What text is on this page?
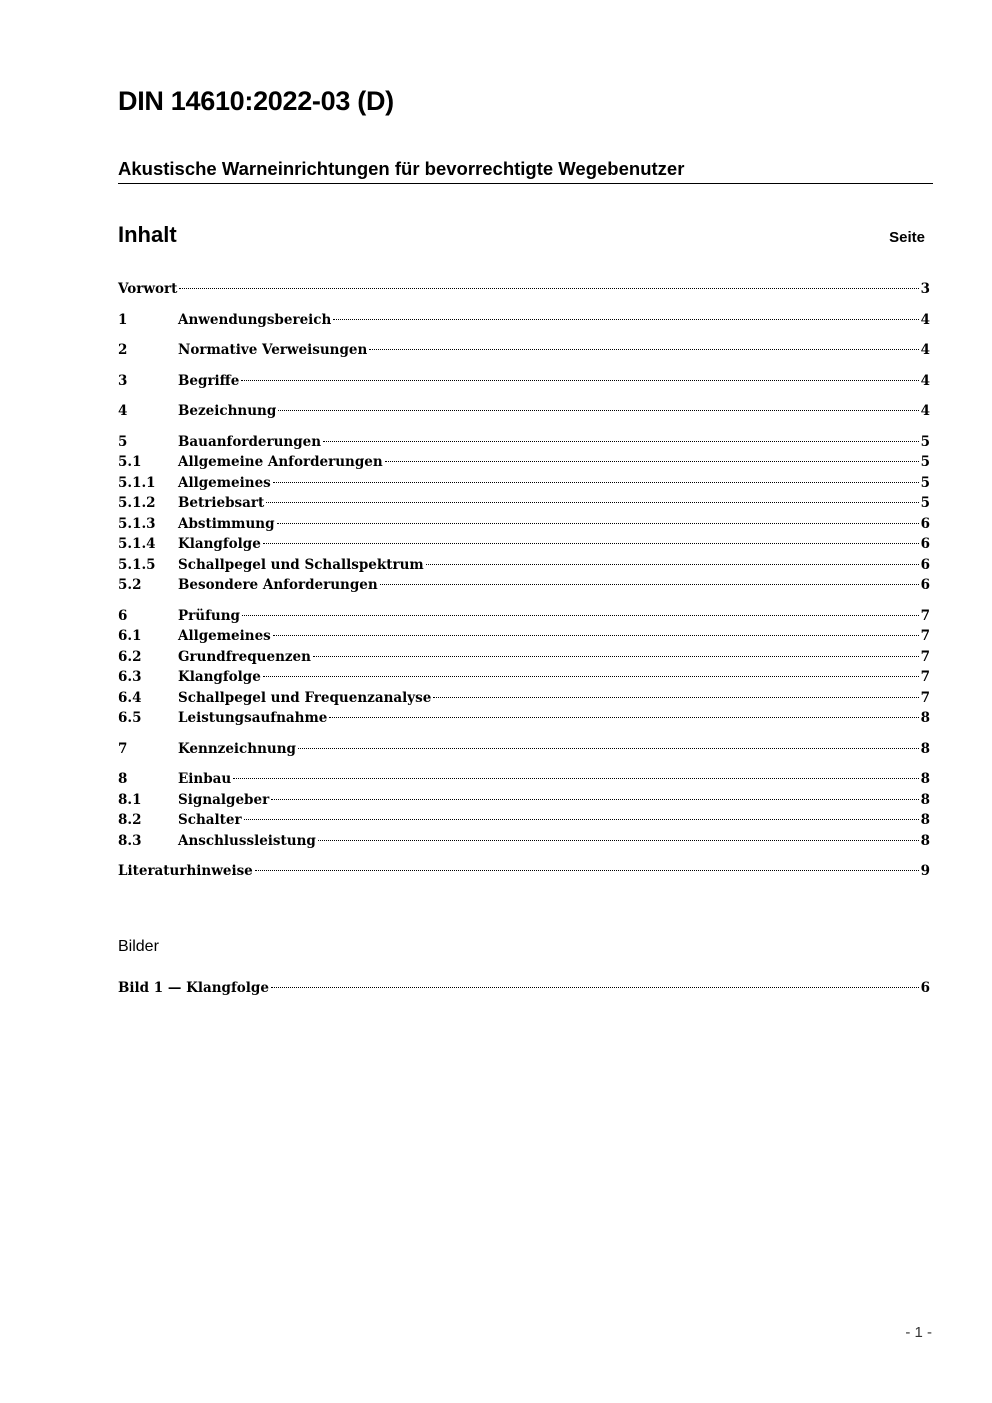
DIN 14610:2022-03 (D)
Akustische Warneinrichtungen für bevorrechtigte Wegebenutzer
Inhalt	Seite
Vorwort	3
1	Anwendungsbereich	4
2	Normative Verweisungen	4
3	Begriffe	4
4	Bezeichnung	4
5	Bauanforderungen	5
5.1	Allgemeine Anforderungen	5
5.1.1	Allgemeines	5
5.1.2	Betriebsart	5
5.1.3	Abstimmung	6
5.1.4	Klangfolge	6
5.1.5	Schallpegel und Schallspektrum	6
5.2	Besondere Anforderungen	6
6	Prüfung	7
6.1	Allgemeines	7
6.2	Grundfrequenzen	7
6.3	Klangfolge	7
6.4	Schallpegel und Frequenzanalyse	7
6.5	Leistungsaufnahme	8
7	Kennzeichnung	8
8	Einbau	8
8.1	Signalgeber	8
8.2	Schalter	8
8.3	Anschlussleistung	8
Literaturhinweise	9
Bilder
Bild 1 — Klangfolge	6
- 1 -
